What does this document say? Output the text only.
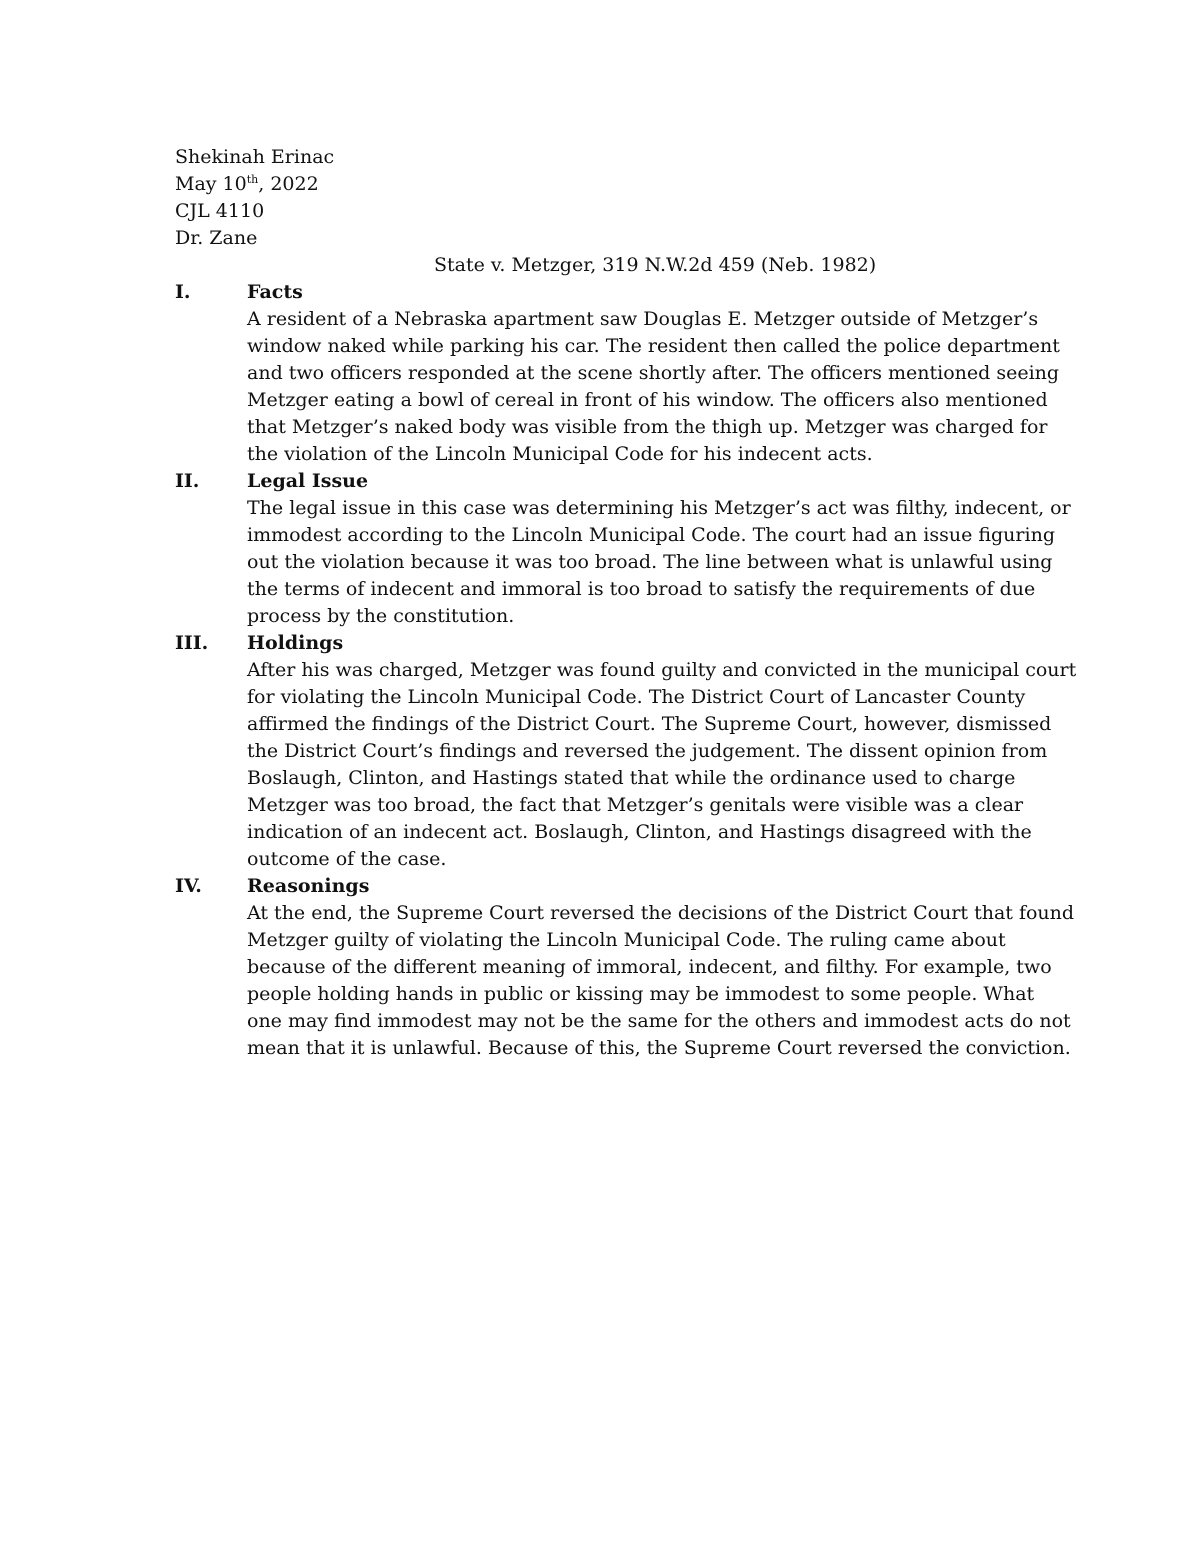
Shekinah Erinac
May 10th, 2022
CJL 4110
Dr. Zane
State v. Metzger, 319 N.W.2d 459 (Neb. 1982)
I.	Facts
A resident of a Nebraska apartment saw Douglas E. Metzger outside of Metzger’s
window naked while parking his car. The resident then called the police department
and two officers responded at the scene shortly after. The officers mentioned seeing
Metzger eating a bowl of cereal in front of his window. The officers also mentioned
that Metzger’s naked body was visible from the thigh up. Metzger was charged for
the violation of the Lincoln Municipal Code for his indecent acts.
II.	Legal Issue
The legal issue in this case was determining his Metzger’s act was filthy, indecent, or
immodest according to the Lincoln Municipal Code. The court had an issue figuring
out the violation because it was too broad. The line between what is unlawful using
the terms of indecent and immoral is too broad to satisfy the requirements of due
process by the constitution.
III. Holdings
After his was charged, Metzger was found guilty and convicted in the municipal court
for violating the Lincoln Municipal Code. The District Court of Lancaster County
affirmed the findings of the District Court. The Supreme Court, however, dismissed
the District Court’s findings and reversed the judgement. The dissent opinion from
Boslaugh, Clinton, and Hastings stated that while the ordinance used to charge
Metzger was too broad, the fact that Metzger’s genitals were visible was a clear
indication of an indecent act. Boslaugh, Clinton, and Hastings disagreed with the
outcome of the case.
IV. Reasonings
At the end, the Supreme Court reversed the decisions of the District Court that found
Metzger guilty of violating the Lincoln Municipal Code. The ruling came about
because of the different meaning of immoral, indecent, and filthy. For example, two
people holding hands in public or kissing may be immodest to some people. What
one may find immodest may not be the same for the others and immodest acts do not
mean that it is unlawful. Because of this, the Supreme Court reversed the conviction.
